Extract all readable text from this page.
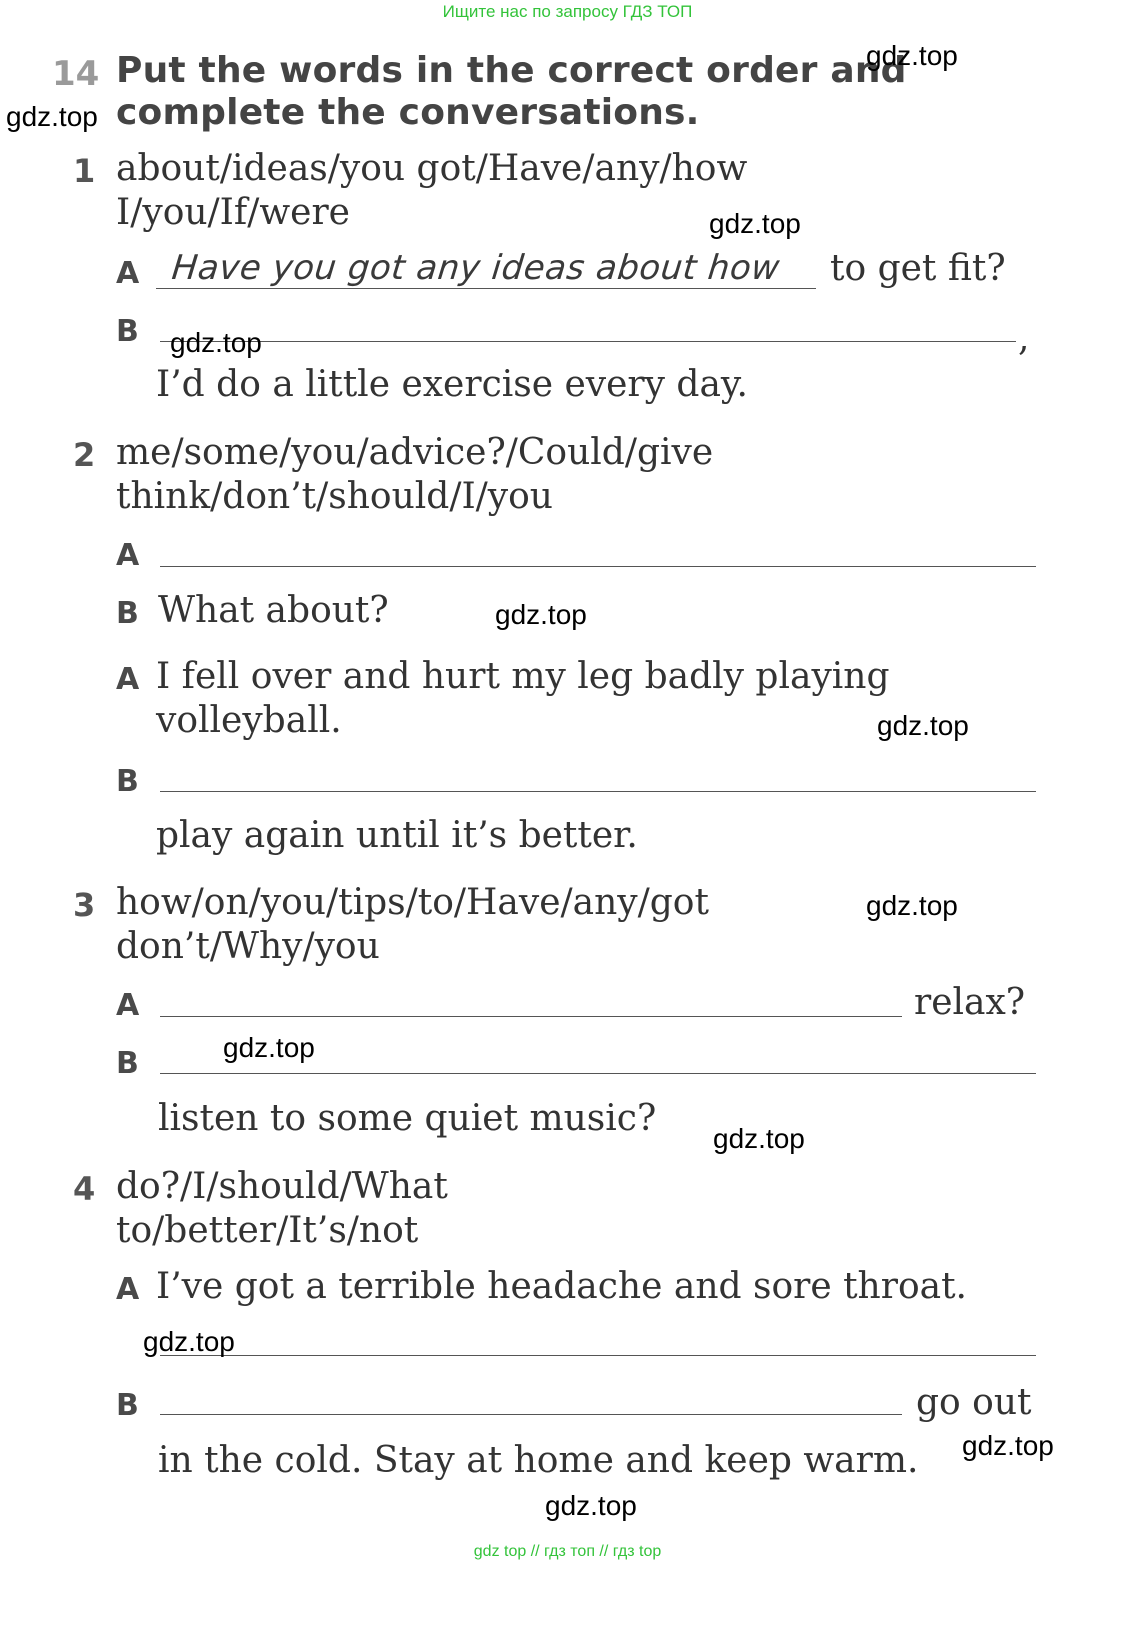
Ищите нас по запросу ГДЗ ТОП
14 Put the words in the correct order and
complete the conversations.
1 about/ideas/you got/Have/any/how
I/you/If/were
A Have you got any ideas about how to get fit?
B	,
I’d do a little exercise every day.
2 me/some/you/advice?/Could/give
think/don’t/should/I/you
A
B What about?
A I fell over and hurt my leg badly playing
volleyball.
B
play again until it’s better.
3 how/on/you/tips/to/Have/any/got
don’t/Why/you
A	relax?
B
listen to some quiet music?
4 do?/I/should/What
to/better/It’s/not
A I’ve got a terrible headache and sore throat.
B	go out
in the cold. Stay at home and keep warm.
gdz.top
gdz.top
gdz.top
gdz.top
gdz.top
gdz.top
gdz.top
gdz.top
gdz.top
gdz.top
gdz.top
gdz.top
gdz top // гдз топ // гдз top
